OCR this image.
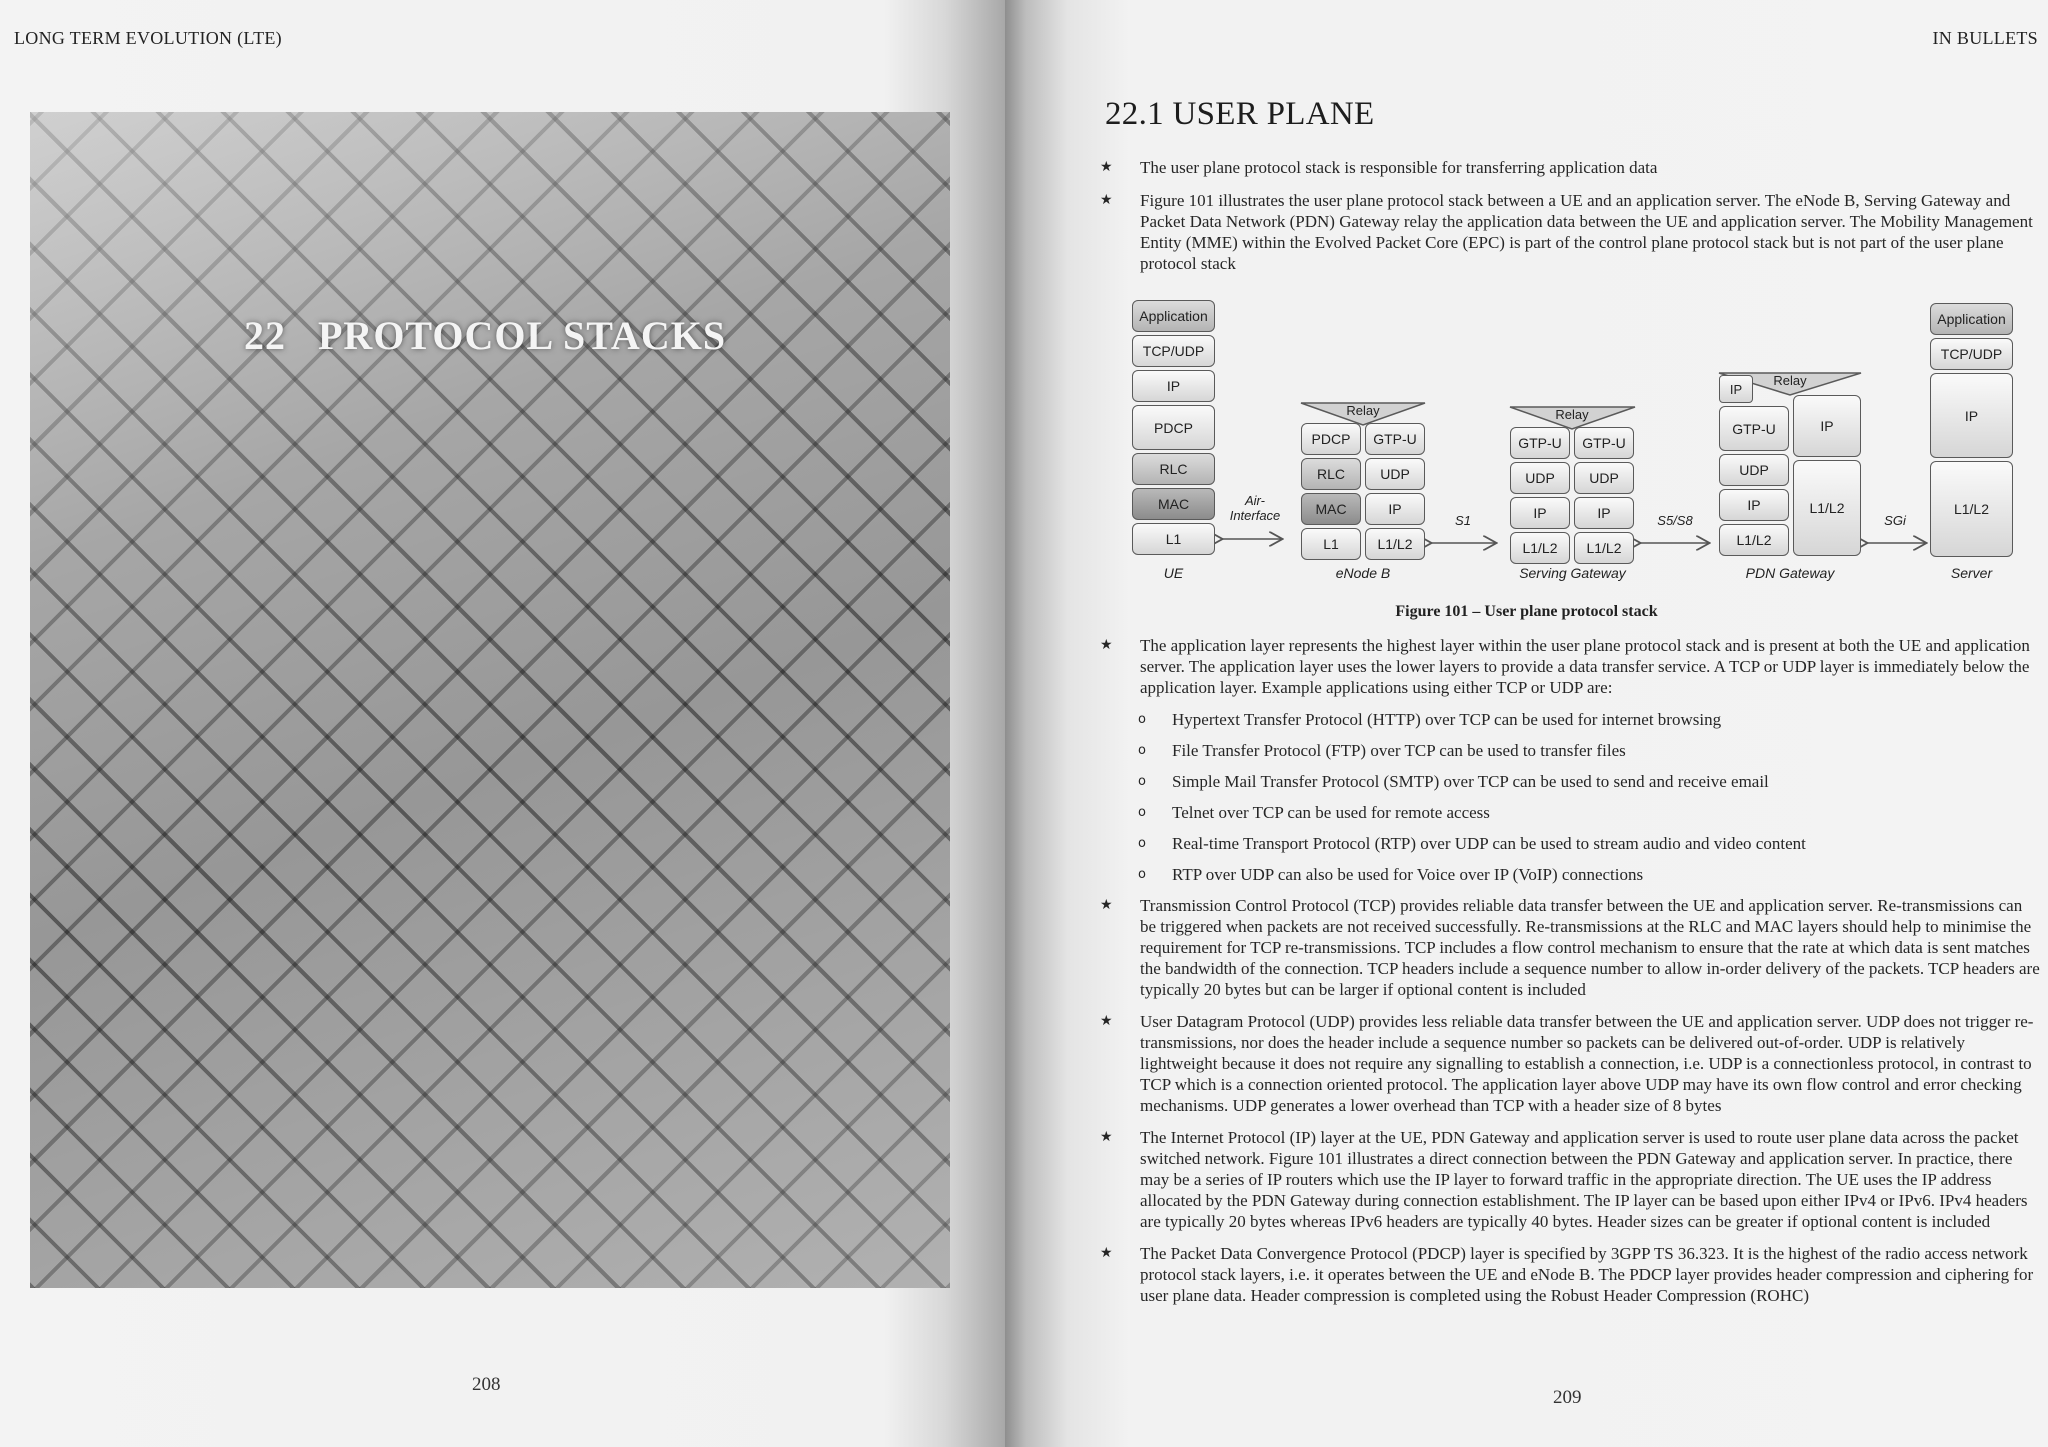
LONG TERM EVOLUTION (LTE)
22 PROTOCOL STACKS
208
IN BULLETS
22.1 USER PLANE

★ The user plane protocol stack is responsible for transferring application data

★ Figure 101 illustrates the user plane protocol stack between a UE and an application server. The eNode B, Serving Gateway and Packet Data Network (PDN) Gateway relay the application data between the UE and application server. The Mobility Management Entity (MME) within the Evolved Packet Core (EPC) is part of the control plane protocol stack but is not part of the user plane protocol stack

Application
TCP/UDP
IP
PDCP
RLC
MAC
L1
UE
Air-
Interface
Relay
PDCP
RLC
MAC
L1
GTP-U
UDP
IP
L1/L2
eNode B
S1
Relay
GTP-U
UDP
IP
L1/L2
GTP-U
UDP
IP
L1/L2
Serving Gateway
S5/S8
Relay
IP
GTP-U
UDP
IP
L1/L2
IP
L1/L2
PDN Gateway
SGi
Application
TCP/UDP
IP
L1/L2
Server
Figure 101 – User plane protocol stack

★ The application layer represents the highest layer within the user plane protocol stack and is present at both the UE and application server. The application layer uses the lower layers to provide a data transfer service. A TCP or UDP layer is immediately below the application layer. Example applications using either TCP or UDP are:

o Hypertext Transfer Protocol (HTTP) over TCP can be used for internet browsing

o File Transfer Protocol (FTP) over TCP can be used to transfer files

o Simple Mail Transfer Protocol (SMTP) over TCP can be used to send and receive email

o Telnet over TCP can be used for remote access

o Real-time Transport Protocol (RTP) over UDP can be used to stream audio and video content

o RTP over UDP can also be used for Voice over IP (VoIP) connections

★ Transmission Control Protocol (TCP) provides reliable data transfer between the UE and application server. Re-transmissions can be triggered when packets are not received successfully. Re-transmissions at the RLC and MAC layers should help to minimise the requirement for TCP re-transmissions. TCP includes a flow control mechanism to ensure that the rate at which data is sent matches the bandwidth of the connection. TCP headers include a sequence number to allow in-order delivery of the packets. TCP headers are typically 20 bytes but can be larger if optional content is included

★ User Datagram Protocol (UDP) provides less reliable data transfer between the UE and application server. UDP does not trigger re-transmissions, nor does the header include a sequence number so packets can be delivered out-of-order. UDP is relatively lightweight because it does not require any signalling to establish a connection, i.e. UDP is a connectionless protocol, in contrast to TCP which is a connection oriented protocol. The application layer above UDP may have its own flow control and error checking mechanisms. UDP generates a lower overhead than TCP with a header size of 8 bytes

★ The Internet Protocol (IP) layer at the UE, PDN Gateway and application server is used to route user plane data across the packet switched network. Figure 101 illustrates a direct connection between the PDN Gateway and application server. In practice, there may be a series of IP routers which use the IP layer to forward traffic in the appropriate direction. The UE uses the IP address allocated by the PDN Gateway during connection establishment. The IP layer can be based upon either IPv4 or IPv6. IPv4 headers are typically 20 bytes whereas IPv6 headers are typically 40 bytes. Header sizes can be greater if optional content is included

★ The Packet Data Convergence Protocol (PDCP) layer is specified by 3GPP TS 36.323. It is the highest of the radio access network protocol stack layers, i.e. it operates between the UE and eNode B. The PDCP layer provides header compression and ciphering for user plane data. Header compression is completed using the Robust Header Compression (ROHC)

209
